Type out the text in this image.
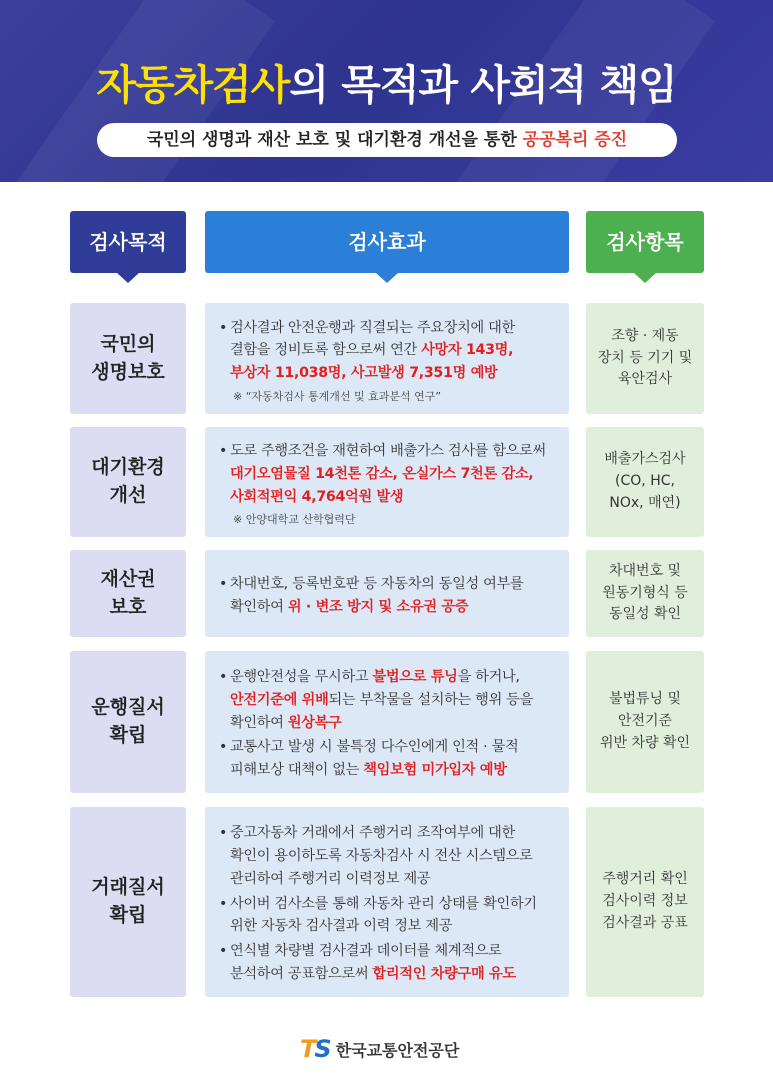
자동차검사의 목적과 사회적 책임
국민의 생명과 재산 보호 및 대기환경 개선을 통한 공공복리 증진
검사목적	검사효과	검사항목
국민의
생명보호
• 검사결과 안전운행과 직결되는 주요장치에 대한 결함을 정비토록 함으로써 연간 사망자 143명, 부상자 11,038명, 사고발생 7,351명 예방
※ “자동차검사 통계개선 및 효과분석 연구”
조향 · 제동
장치 등 기기 및
육안검사
대기환경
개선
• 도로 주행조건을 재현하여 배출가스 검사를 함으로써 대기오염물질 14천톤 감소, 온실가스 7천톤 감소, 사회적편익 4,764억원 발생
※ 안양대학교 산학협력단
배출가스검사
(CO, HC,
NOx, 매연)
재산권
보호
• 차대번호, 등록번호판 등 자동차의 동일성 여부를 확인하여 위 · 변조 방지 및 소유권 공증
차대번호 및
원동기형식 등
동일성 확인
운행질서
확립
• 운행안전성을 무시하고 불법으로 튜닝을 하거나, 안전기준에 위배되는 부착물을 설치하는 행위 등을 확인하여 원상복구
• 교통사고 발생 시 불특정 다수인에게 인적 · 물적 피해보상 대책이 없는 책임보험 미가입자 예방
불법튜닝 및
안전기준
위반 차량 확인
거래질서
확립
• 중고자동차 거래에서 주행거리 조작여부에 대한 확인이 용이하도록 자동차검사 시 전산 시스템으로 관리하여 주행거리 이력정보 제공
• 사이버 검사소를 통해 자동차 관리 상태를 확인하기 위한 자동차 검사결과 이력 정보 제공
• 연식별 차량별 검사결과 데이터를 체계적으로 분석하여 공표함으로써 합리적인 차량구매 유도
주행거리 확인
검사이력 정보
검사결과 공표
TS 한국교통안전공단
